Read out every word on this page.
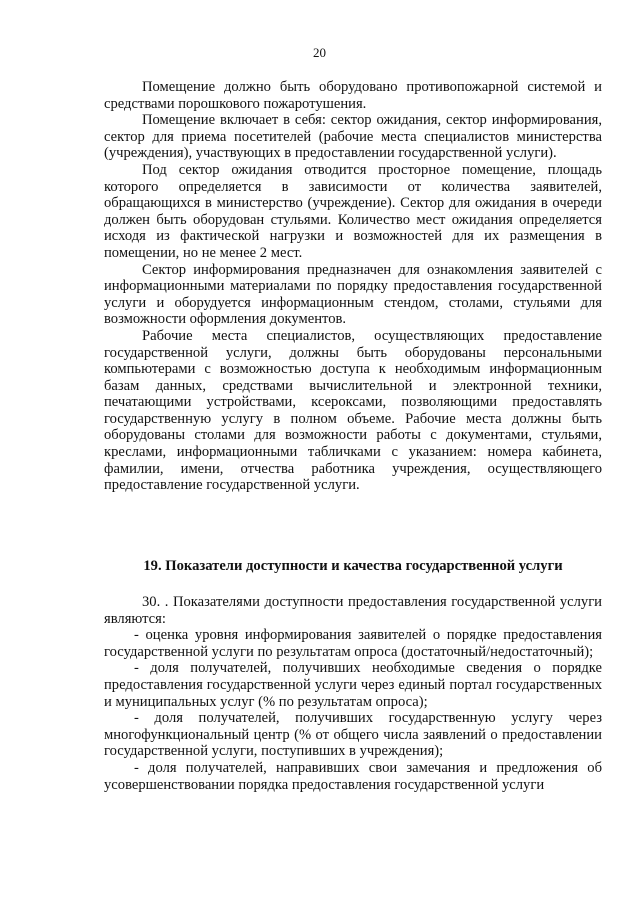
20

Помещение должно быть оборудовано противопожарной системой и средствами порошкового пожаротушения.

Помещение включает в себя: сектор ожидания, сектор информирования, сектор для приема посетителей (рабочие места специалистов министерства (учреждения), участвующих в предоставлении государственной услуги).

Под сектор ожидания отводится просторное помещение, площадь которого определяется в зависимости от количества заявителей, обращающихся в министерство (учреждение). Сектор для ожидания в очереди должен быть оборудован стульями. Количество мест ожидания определяется исходя из фактической нагрузки и возможностей для их размещения в помещении, но не менее 2 мест.

Сектор информирования предназначен для ознакомления заявителей с информационными материалами по порядку предоставления государственной услуги и оборудуется информационным стендом, столами, стульями для возможности оформления документов.

Рабочие места специалистов, осуществляющих предоставление государственной услуги, должны быть оборудованы персональными компьютерами с возможностью доступа к необходимым информационным базам данных, средствами вычислительной и электронной техники, печатающими устройствами, ксероксами, позволяющими предоставлять государственную услугу в полном объеме. Рабочие места должны быть оборудованы столами для возможности работы с документами, стульями, креслами, информационными табличками с указанием: номера кабинета, фамилии, имени, отчества работника учреждения, осуществляющего предоставление государственной услуги.

19. Показатели доступности и качества государственной услуги

30. . Показателями доступности предоставления государственной услуги являются:

- оценка уровня информирования заявителей о порядке предоставления государственной услуги по результатам опроса (достаточный/недостаточный);

- доля получателей, получивших необходимые сведения о порядке предоставления государственной услуги через единый портал государственных и муниципальных услуг (% по результатам опроса);

- доля получателей, получивших государственную услугу через многофункциональный центр (% от общего числа заявлений о предоставлении государственной услуги, поступивших в учреждения);

- доля получателей, направивших свои замечания и предложения об усовершенствовании порядка предоставления государственной услуги
